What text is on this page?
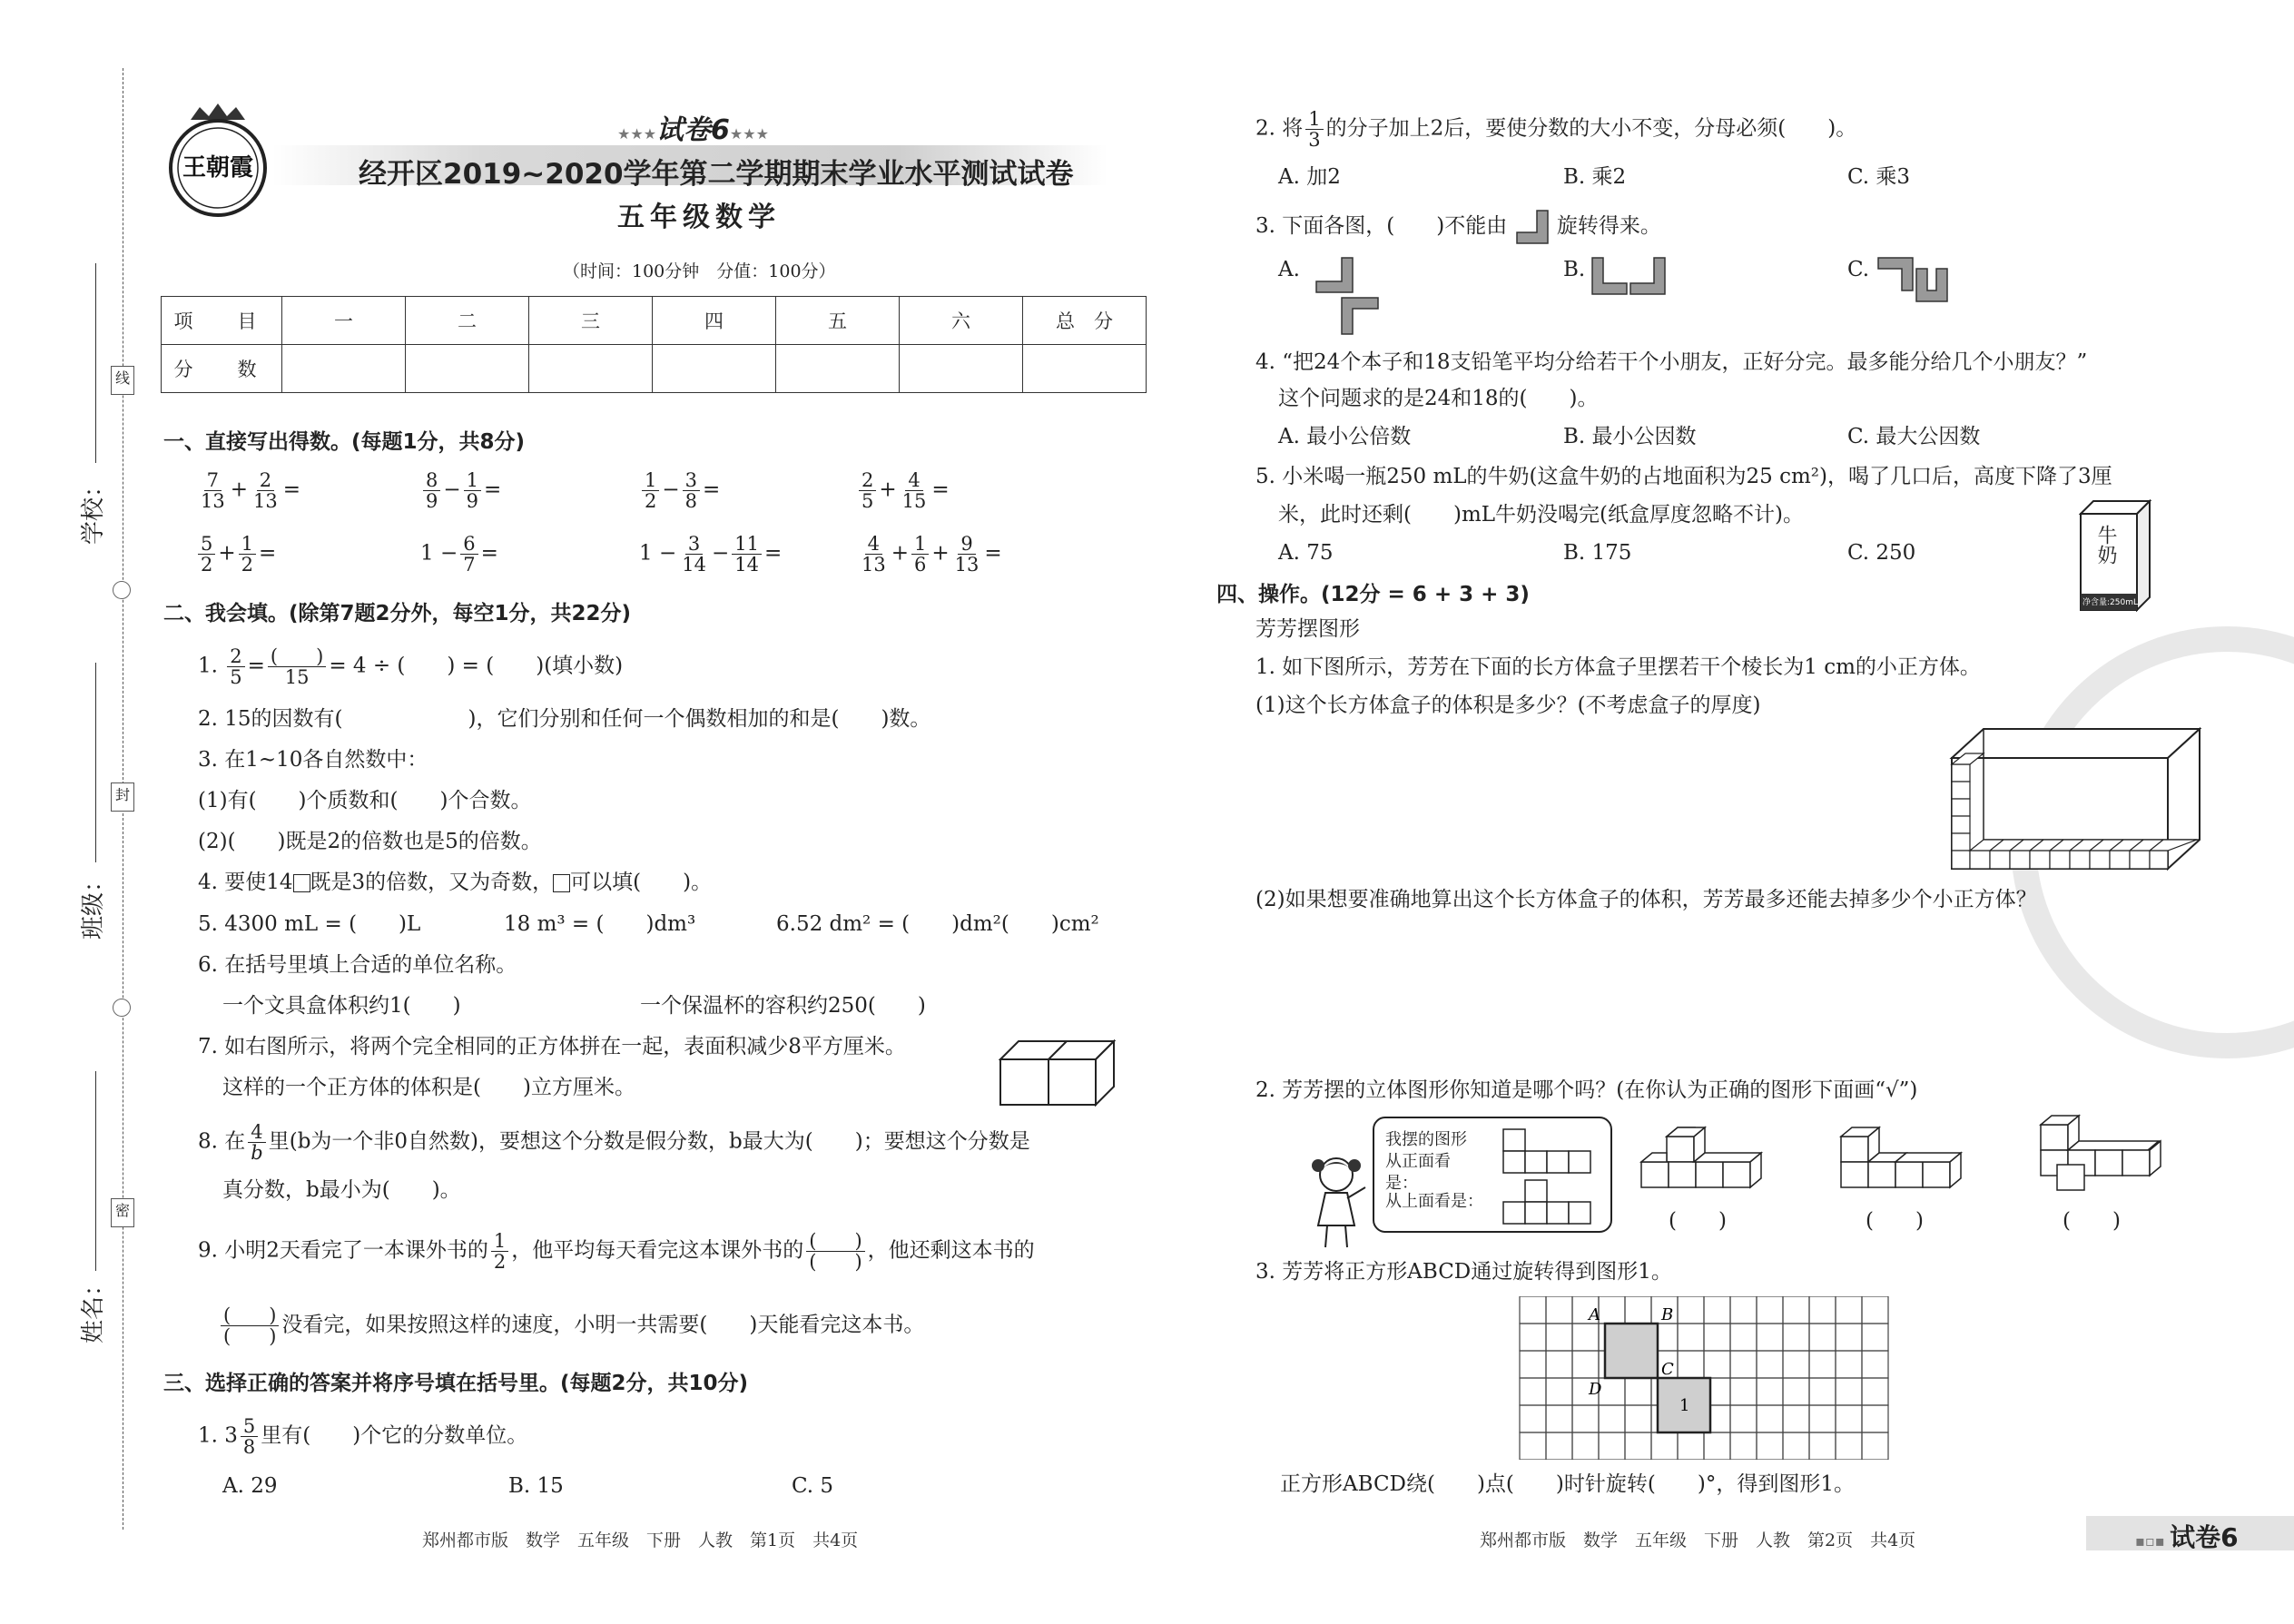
线
封
密
学校：
班级：
姓名：
王朝霞
★★★试卷6★★★
经开区2019~2020学年第二学期期末学业水平测试试卷
五年级数学
（时间：100分钟　分值：100分）
项　目	一	二	三	四	五	六	总　分
分　数							
一、直接写出得数。(每题1分，共8分)
$\frac{7}{13} + \frac{2}{13}$ =	$\frac{8}{9} - \frac{1}{9}$ =	$\frac{1}{2} - \frac{3}{8}$ =	$\frac{2}{5} + \frac{4}{15}$ =
$\frac{5}{2} + \frac{1}{2}$ =	$1 - \frac{6}{7}$ =	$1 - \frac{3}{14} - \frac{11}{14}$ =	$\frac{4}{13} + \frac{1}{6} + \frac{9}{13}$ =
二、我会填。(除第7题2分外，每空1分，共22分)
1. $\frac{2}{5} = \frac{( )}{15} = 4$ ÷ (　　) = (　　)(填小数)
2. 15的因数有(　　　　　　)，它们分别和任何一个偶数相加的和是(　　)数。
3. 在1~10各自然数中：
(1)有(　　)个质数和(　　)个合数。
(2)(　　)既是2的倍数也是5的倍数。
4. 要使14 既是3的倍数，又为奇数， 可以填(　　)。
5. 4300 mL = (　　)L	18 m³ = (　　)dm³	6.52 dm² = (　　)dm²(　　)cm²
6. 在括号里填上合适的单位名称。
一个文具盒体积约1(　　)	一个保温杯的容积约250(　　)
7. 如右图所示，将两个完全相同的正方体拼在一起，表面积减少8平方厘米。
这样的一个正方体的体积是(　　)立方厘米。
8. 在 $\frac{4}{b}$ 里(b为一个非0自然数)，要想这个分数是假分数，b最大为(　　)；要想这个分数是
真分数，b最小为(　　)。
9. 小明2天看完了一本课外书的 $\frac{1}{2}$ ，他平均每天看完这本课外书的 $\frac{( )}{( )}$ ，他还剩这本书的
$\frac{( )}{( )}$ 没看完，如果按照这样的速度，小明一共需要(　　)天能看完这本书。
三、选择正确的答案并将序号填在括号里。(每题2分，共10分)
1. $3 \frac{5}{8}$ 里有(　　)个它的分数单位。
A. 29	B. 15	C. 5
郑州都市版　数学　五年级　下册　人教　第1页　共4页
2. 将 $\frac{1}{3}$ 的分子加上2后，要使分数的大小不变，分母必须(　　)。
A. 加2	B. 乘2	C. 乘3
3. 下面各图，(　　)不能由 旋转得来。
A.	B.	C.
4. “把24个本子和18支铅笔平均分给若干个小朋友，正好分完。最多能分给几个小朋友？”
这个问题求的是24和18的(　　)。
A. 最小公倍数	B. 最小公因数	C. 最大公因数
5. 小米喝一瓶250 mL的牛奶(这盒牛奶的占地面积为25 cm²)，喝了几口后，高度下降了3厘
米，此时还剩(　　)mL牛奶没喝完(纸盒厚度忽略不计)。
A. 75	B. 175	C. 250	牛奶
净含量:250mL
四、操作。(12分 = 6 + 3 + 3)
芳芳摆图形
1. 如下图所示，芳芳在下面的长方体盒子里摆若干个棱长为1 cm的小正方体。
(1)这个长方体盒子的体积是多少？(不考虑盒子的厚度)
(2)如果想要准确地算出这个长方体盒子的体积，芳芳最多还能去掉多少个小正方体？
2. 芳芳摆的立体图形你知道是哪个吗？(在你认为正确的图形下面画“√”)
我摆的图形从正面看是：
从上面看是：
(　　)	(　　)	(　　)
3. 芳芳将正方形ABCD通过旋转得到图形1。
A	B
C
D
1
正方形ABCD绕(　　)点(　　)时针旋转(　　)°，得到图形1。
郑州都市版　数学　五年级　下册　人教　第2页　共4页	▪▫▪ 试卷6
